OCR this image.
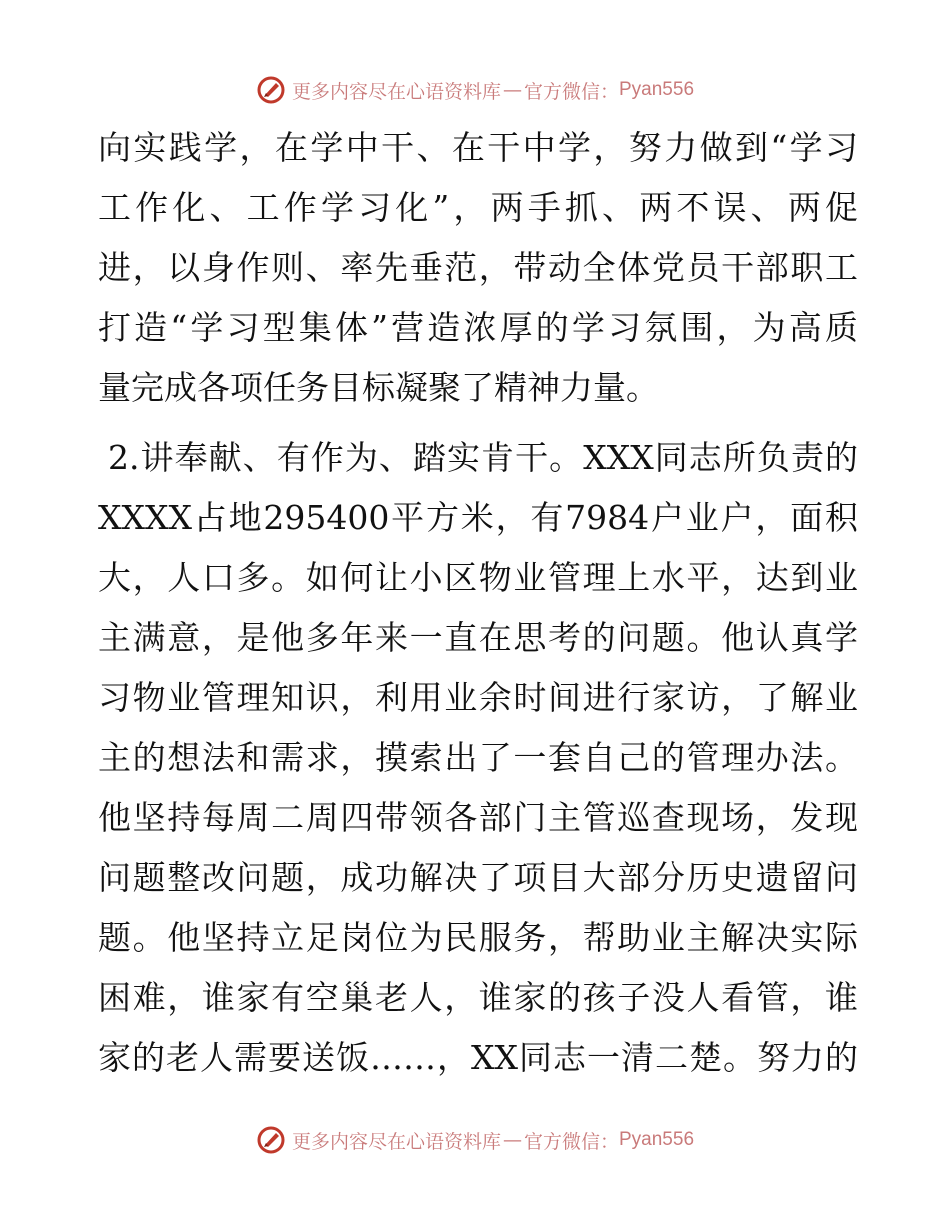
更多内容尽在心语资料库 — 官方微信： Pyan556
向实践学，在学中干、在干中学，努力做到“学习
工作化、工作学习化”，两手抓、两不误、两促
进，以身作则、率先垂范，带动全体党员干部职工
打造“学习型集体”营造浓厚的学习氛围，为高质
量完成各项任务目标凝聚了精神力量。
2.讲奉献、有作为、踏实肯干。XXX同志所负责的
XXXX占地295400平方米，有7984户业户，面积
大，人口多。如何让小区物业管理上水平，达到业
主满意，是他多年来一直在思考的问题。他认真学
习物业管理知识，利用业余时间进行家访，了解业
主的想法和需求，摸索出了一套自己的管理办法。
他坚持每周二周四带领各部门主管巡查现场，发现
问题整改问题，成功解决了项目大部分历史遗留问
题。他坚持立足岗位为民服务，帮助业主解决实际
困难，谁家有空巢老人，谁家的孩子没人看管，谁
家的老人需要送饭……，XX同志一清二楚。努力的
更多内容尽在心语资料库 — 官方微信： Pyan556
